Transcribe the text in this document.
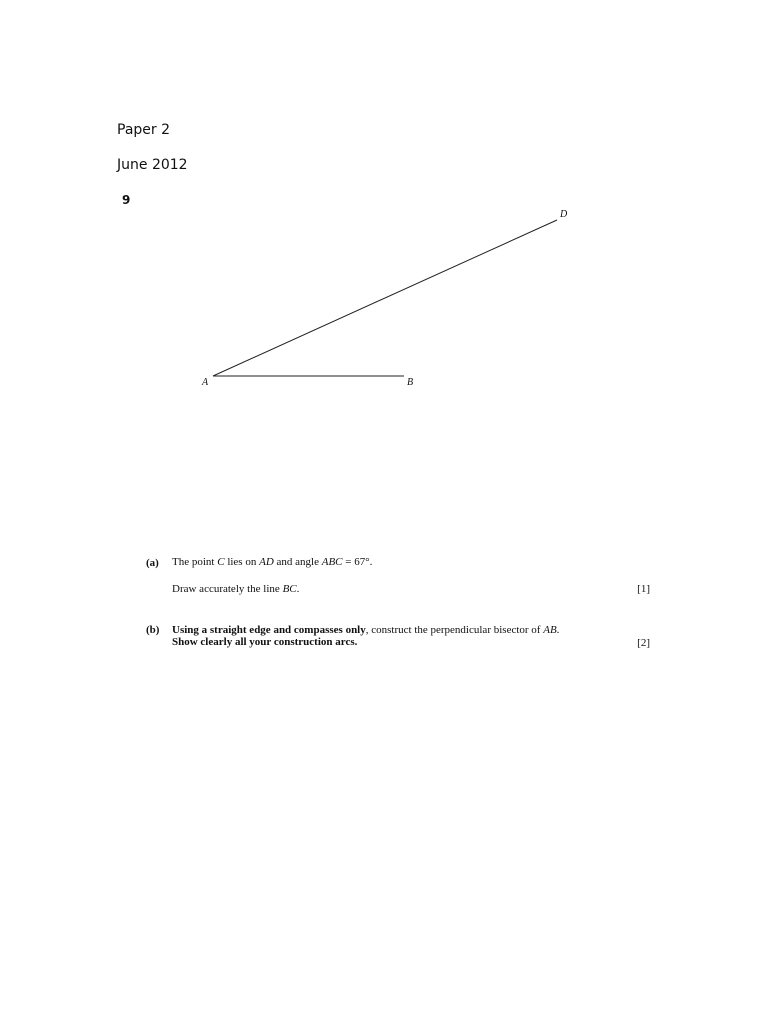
Paper 2
June 2012
9
A	B
D
(a) The point C lies on AD and angle ABC = 67°.
Draw accurately the line BC.	[1]
(b) Using a straight edge and compasses only, construct the perpendicular bisector of AB.
Show clearly all your construction arcs.	[2]
